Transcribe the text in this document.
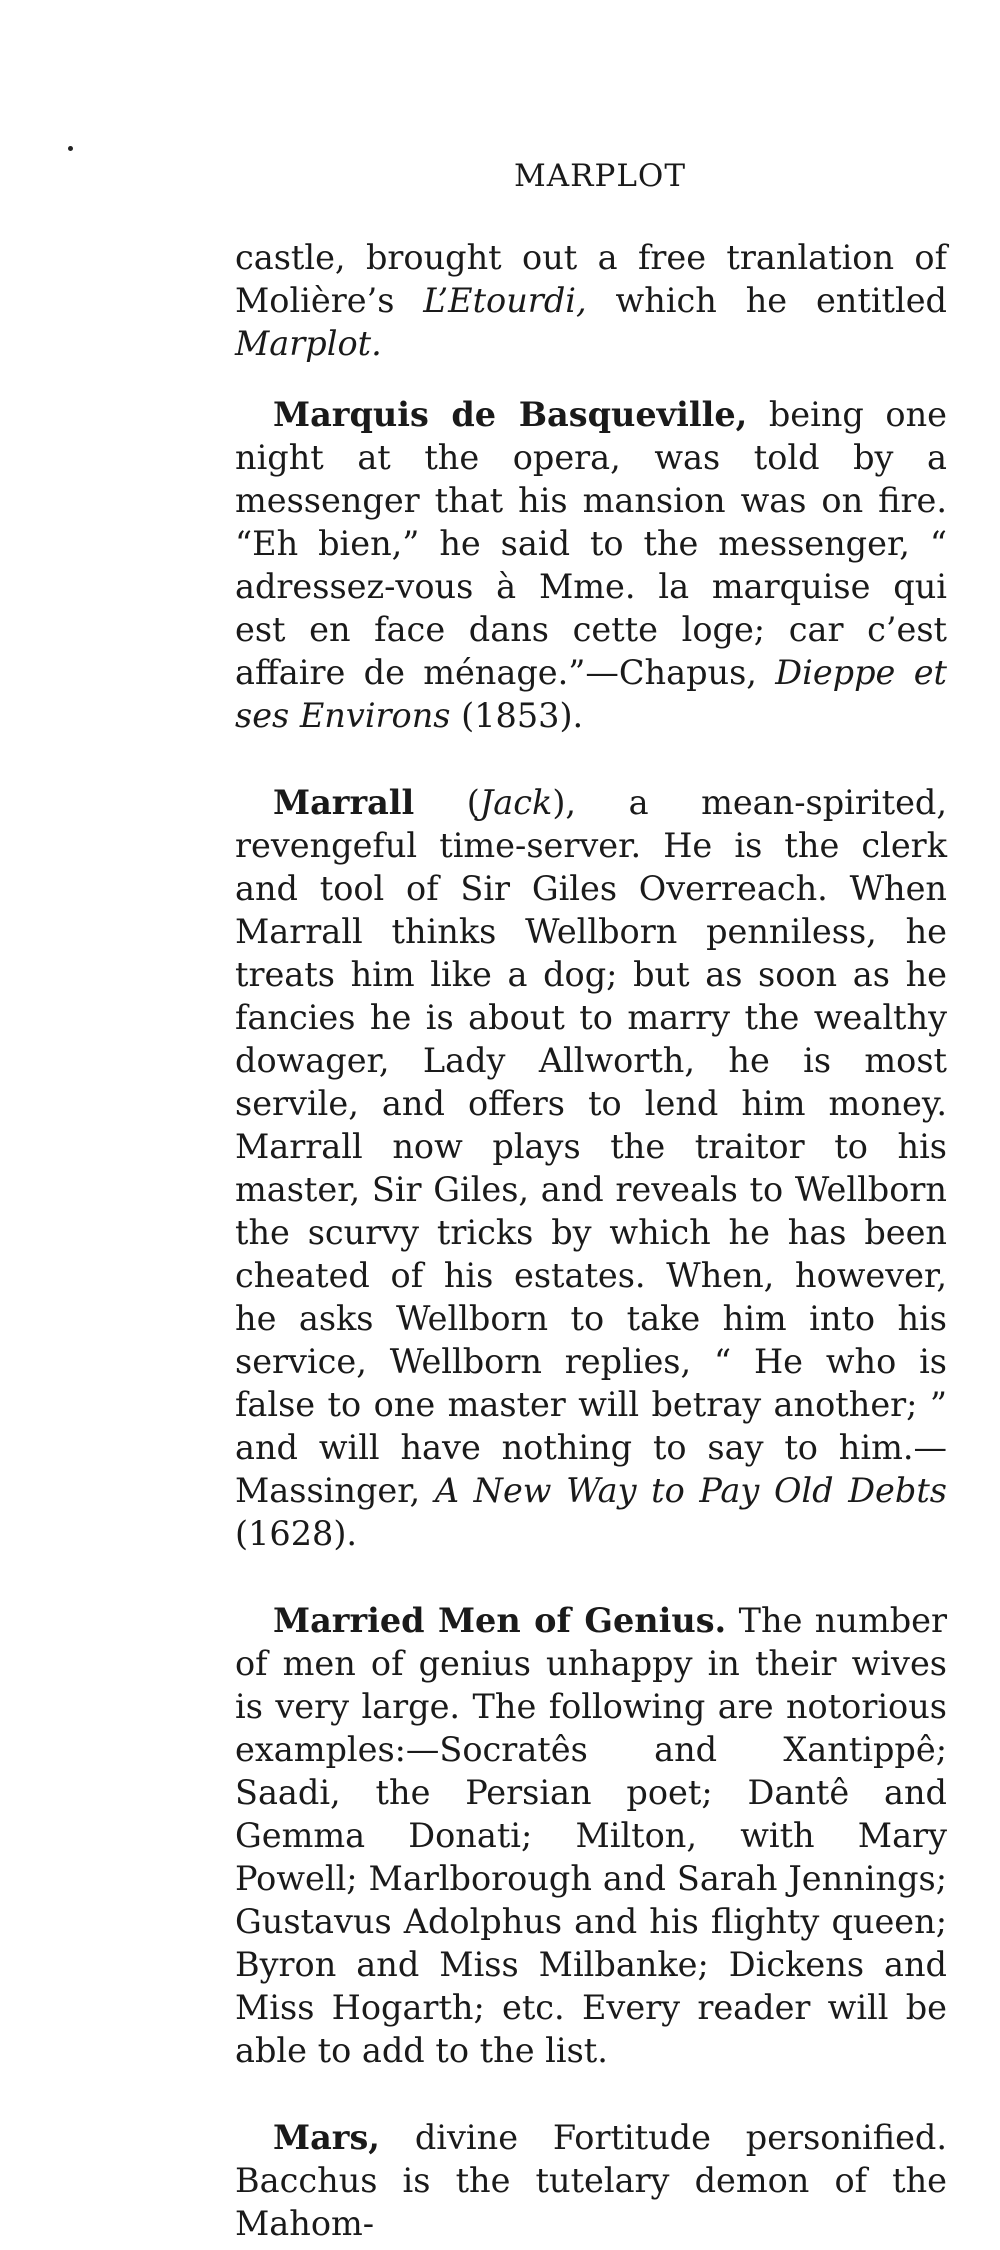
MARPLOT

castle, brought out a free tranlation of Molière’s L’Etourdi, which he entitled Marplot.

Marquis de Basqueville, being one night at the opera, was told by a messenger that his mansion was on fire. “Eh bien,” he said to the messenger, “ adressez-vous à Mme. la marquise qui est en face dans cette loge; car c’est affaire de ménage.”—Chapus, Dieppe et ses Environs (1853).

Marrall (Jack), a mean-spirited, revengeful time-server. He is the clerk and tool of Sir Giles Overreach. When Marrall thinks Wellborn penniless, he treats him like a dog; but as soon as he fancies he is about to marry the wealthy dowager, Lady Allworth, he is most servile, and offers to lend him money. Marrall now plays the traitor to his master, Sir Giles, and reveals to Wellborn the scurvy tricks by which he has been cheated of his estates. When, however, he asks Wellborn to take him into his service, Wellborn replies, “ He who is false to one master will betray another; ” and will have nothing to say to him.—Massinger, A New Way to Pay Old Debts (1628).

Married Men of Genius. The number of men of genius unhappy in their wives is very large. The following are notorious examples:—Socratês and Xantippê; Saadi, the Persian poet; Dantê and Gemma Donati; Milton, with Mary Powell; Marlborough and Sarah Jennings; Gustavus Adolphus and his flighty queen; Byron and Miss Milbanke; Dickens and Miss Hogarth; etc. Every reader will be able to add to the list.

Mars, divine Fortitude personified. Bacchus is the tutelary demon of the Mahom-
